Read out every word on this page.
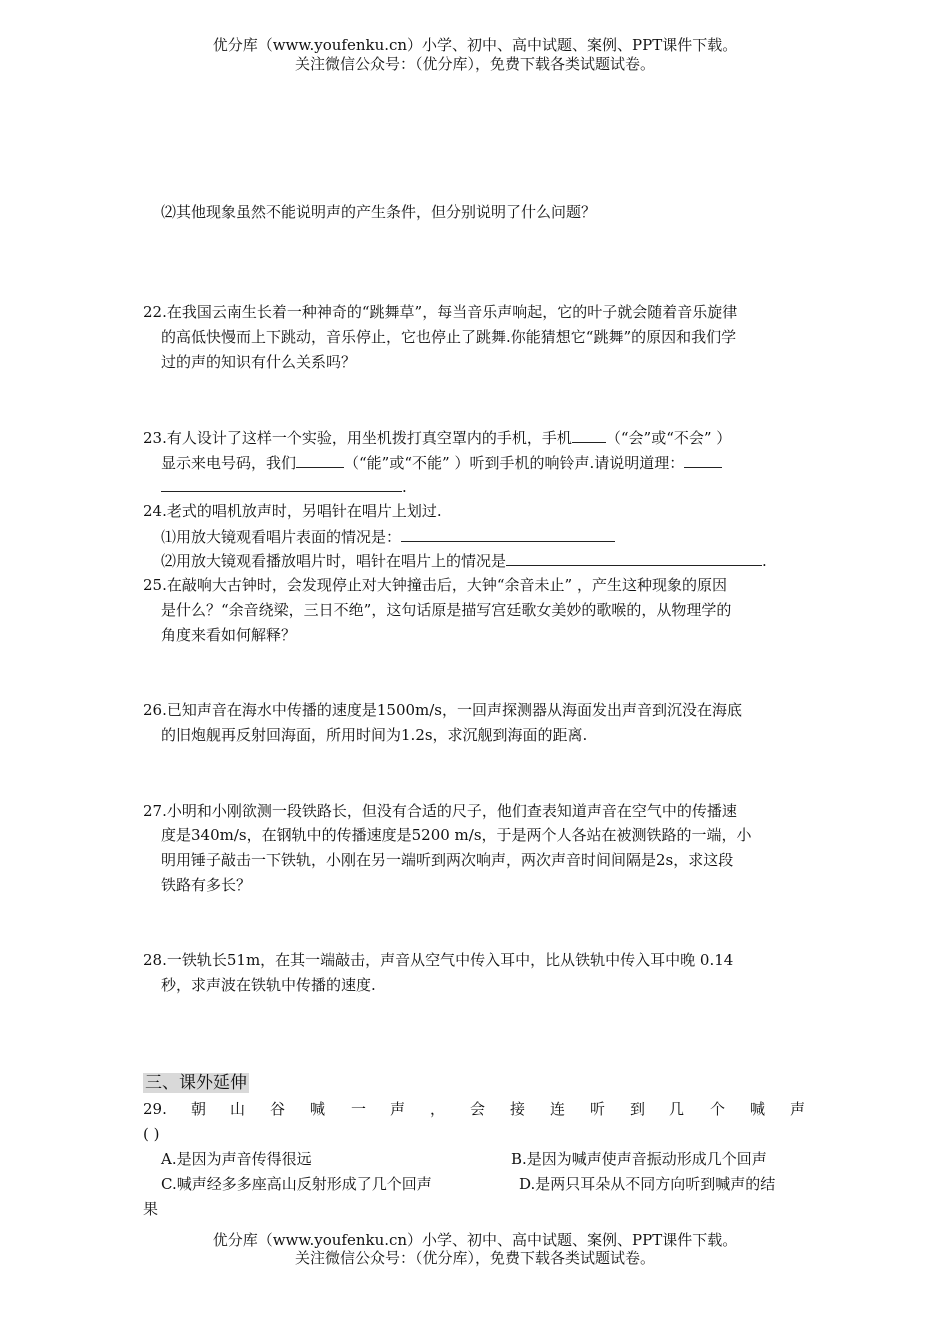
优分库（www.youfenku.cn）小学、初中、高中试题、案例、PPT课件下载。
关注微信公众号：（优分库），免费下载各类试题试卷。
⑵其他现象虽然不能说明声的产生条件，但分别说明了什么问题？
22.在我国云南生长着一种神奇的“跳舞草”，每当音乐声响起，它的叶子就会随着音乐旋律
的高低快慢而上下跳动，音乐停止，它也停止了跳舞.你能猜想它“跳舞”的原因和我们学
过的声的知识有什么关系吗？
23.有人设计了这样一个实验，用坐机拨打真空罩内的手机，手机 （“会”或“不会” ）
显示来电号码，我们	（“能”或“不能” ）听到手机的响铃声.请说明道理：
.
24.老式的唱机放声时，另唱针在唱片上划过.
⑴用放大镜观看唱片表面的情况是：
⑵用放大镜观看播放唱片时，唱针在唱片上的情况是	.
25.在敲响大古钟时，会发现停止对大钟撞击后，大钟“余音未止” ，产生这种现象的原因
是什么？“余音绕梁，三日不绝”，这句话原是描写宫廷歌女美妙的歌喉的，从物理学的
角度来看如何解释？
26.已知声音在海水中传播的速度是1500m/s，一回声探测器从海面发出声音到沉没在海底
的旧炮舰再反射回海面，所用时间为1.2s，求沉舰到海面的距离.
27.小明和小刚欲测一段铁路长，但没有合适的尺子，他们查表知道声音在空气中的传播速
度是340m/s，在钢轨中的传播速度是5200 m/s，于是两个人各站在被测铁路的一端，小
明用锤子敲击一下铁轨，小刚在另一端听到两次响声，两次声音时间间隔是2s，求这段
铁路有多长？
28.一铁轨长51m，在其一端敲击，声音从空气中传入耳中，比从铁轨中传入耳中晚 0.14
秒，求声波在铁轨中传播的速度.
三、课外延伸
29. 朝 山 谷 喊 一 声 ， 会 接 连 听 到 几 个 喊 声
( )
A.是因为声音传得很远	B.是因为喊声使声音振动形成几个回声
C.喊声经多多座高山反射形成了几个回声	D.是两只耳朵从不同方向听到喊声的结
果
优分库（www.youfenku.cn）小学、初中、高中试题、案例、PPT课件下载。
关注微信公众号：（优分库），免费下载各类试题试卷。
